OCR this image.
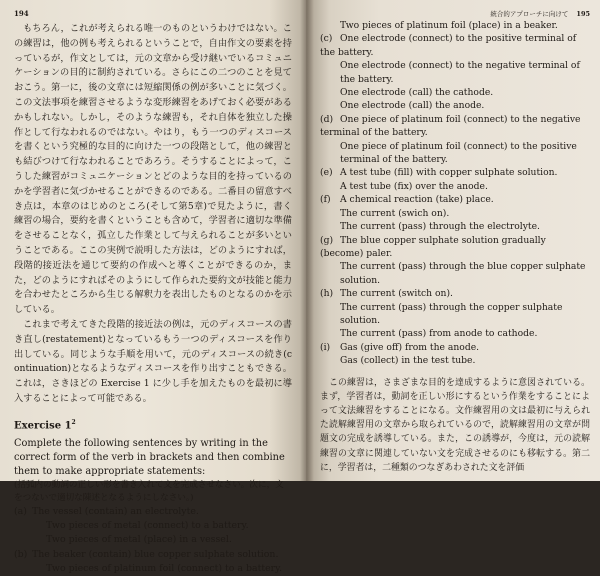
194

もちろん，これが考えられる唯一のものというわけではない。この練習は，他の例も考えられるということで，自由作文の要素を持っているが，作文としては，元の文章から受け継いでいるコミュニケーションの目的に制約されている。さらにこの二つのことを見ておこう。第一に，後の文章には短縮関係の例が多いことに気づく。この文法事項を練習させるような変形練習をあげておく必要があるかもしれない。しかし，そのような練習も，それ自体を独立した操作として行なわれるのではない。やはり，もう一つのディスコースを書くという究極的な目的に向けた一つの段階として，他の練習とも結びつけて行なわれることであろう。そうすることによって，こうした練習がコミュニケーションとどのような目的を持っているのかを学習者に気づかせることができるのである。二番目の留意すべき点は，本章のはじめのところ(そして第5章)で見たように，書く練習の場合，要約を書くということも含めて，学習者に適切な準備をさせることなく，孤立した作業として与えられることが多いということである。ここの実例で説明した方法は，どのようにすれば，段階的接近法を通じて要約の作成へと導くことができるのか，また，どのようにすればそのようにして作られた要約文が技能と能力を合わせたところから生じる解釈力を表出したものとなるのかを示している。

これまで考えてきた段階的接近法の例は，元のディスコースの書き直し(restatement)となっているもう一つのディスコースを作り出している。同じような手順を用いて，元のディスコースの続き(continuation)となるようなディスコースを作り出すこともできる。これは，さきほどの Exercise 1 に少し手を加えたものを最初に導入することによって可能である。

Exercise $1^2$

Complete the following sentences by writing in the correct form of the verb in brackets and then combine them to make appropriate statements:

(括弧内の動詞の正しい形を書き入れて文を完成させなさい。次に，文をつないで適切な陳述となるようにしなさい。)

(a) The vessel (contain) an electrolyte.
Two pieces of metal (connect) to a battery.
Two pieces of metal (place) in a vessel.
(b) The beaker (contain) blue copper sulphate solution.
Two pieces of platinum foil (connect) to a battery.
統合的アプローチに向けて 195
Two pieces of platinum foil (place) in a beaker.
(c) One electrode (connect) to the positive terminal of the battery.
One electrode (connect) to the negative terminal of the battery.
One electrode (call) the cathode.
One electrode (call) the anode.
(d) One piece of platinum foil (connect) to the negative terminal of the battery.
One piece of platinum foil (connect) to the positive terminal of the battery.
(e) A test tube (fill) with copper sulphate solution.
A test tube (fix) over the anode.
(f) A chemical reaction (take) place.
The current (swich on).
The current (pass) through the electrolyte.
(g) The blue copper sulphate solution gradually (become) paler.
The current (pass) through the blue copper sulphate solution.
(h) The current (switch on).
The current (pass) through the copper sulphate solution.
The current (pass) from anode to cathode.
(i) Gas (give off) from the anode.
Gas (collect) in the test tube.

この練習は，さまざまな目的を達成するように意図されている。まず，学習者は，動詞を正しい形にするという作業をすることによって文法練習をすることになる。文作練習用の文は最初に与えられた読解練習用の文章から取られているので，読解練習用の文章が問題文の完成を誘導している。また，この誘導が，今度は，元の読解練習の文章に関連していない文を完成させるのにも移転する。第二に，学習者は，二種類のつなぎあわされた文を評価
